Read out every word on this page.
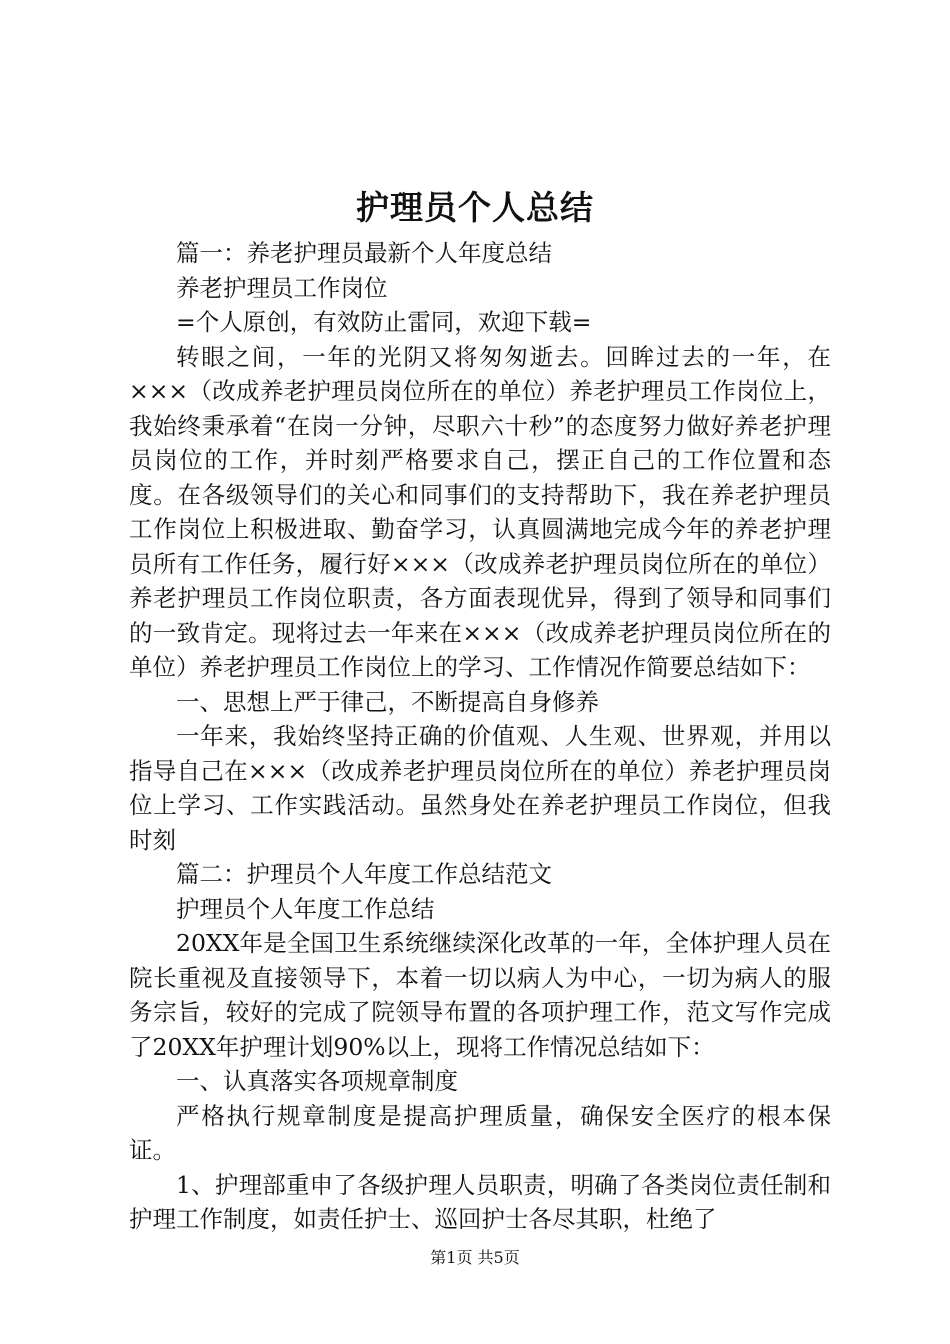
护理员个人总结

篇一：养老护理员最新个人年度总结

养老护理员工作岗位

=个人原创，有效防止雷同，欢迎下载=

转眼之间，一年的光阴又将匆匆逝去。回眸过去的一年，在×××（改成养老护理员岗位所在的单位）养老护理员工作岗位上，我始终秉承着“在岗一分钟，尽职六十秒”的态度努力做好养老护理员岗位的工作，并时刻严格要求自己，摆正自己的工作位置和态度。在各级领导们的关心和同事们的支持帮助下，我在养老护理员工作岗位上积极进取、勤奋学习，认真圆满地完成今年的养老护理员所有工作任务，履行好×××（改成养老护理员岗位所在的单位）养老护理员工作岗位职责，各方面表现优异，得到了领导和同事们的一致肯定。现将过去一年来在×××（改成养老护理员岗位所在的单位）养老护理员工作岗位上的学习、工作情况作简要总结如下：

一、思想上严于律己，不断提高自身修养

一年来，我始终坚持正确的价值观、人生观、世界观，并用以指导自己在×××（改成养老护理员岗位所在的单位）养老护理员岗位上学习、工作实践活动。虽然身处在养老护理员工作岗位，但我时刻

篇二：护理员个人年度工作总结范文

护理员个人年度工作总结

20XX年是全国卫生系统继续深化改革的一年，全体护理人员在院长重视及直接领导下，本着一切以病人为中心，一切为病人的服务宗旨，较好的完成了院领导布置的各项护理工作，范文写作完成了20XX年护理计划90%以上，现将工作情况总结如下：

一、认真落实各项规章制度

严格执行规章制度是提高护理质量，确保安全医疗的根本保证。

1、护理部重申了各级护理人员职责，明确了各类岗位责任制和护理工作制度，如责任护士、巡回护士各尽其职，杜绝了

第1页 共5页
